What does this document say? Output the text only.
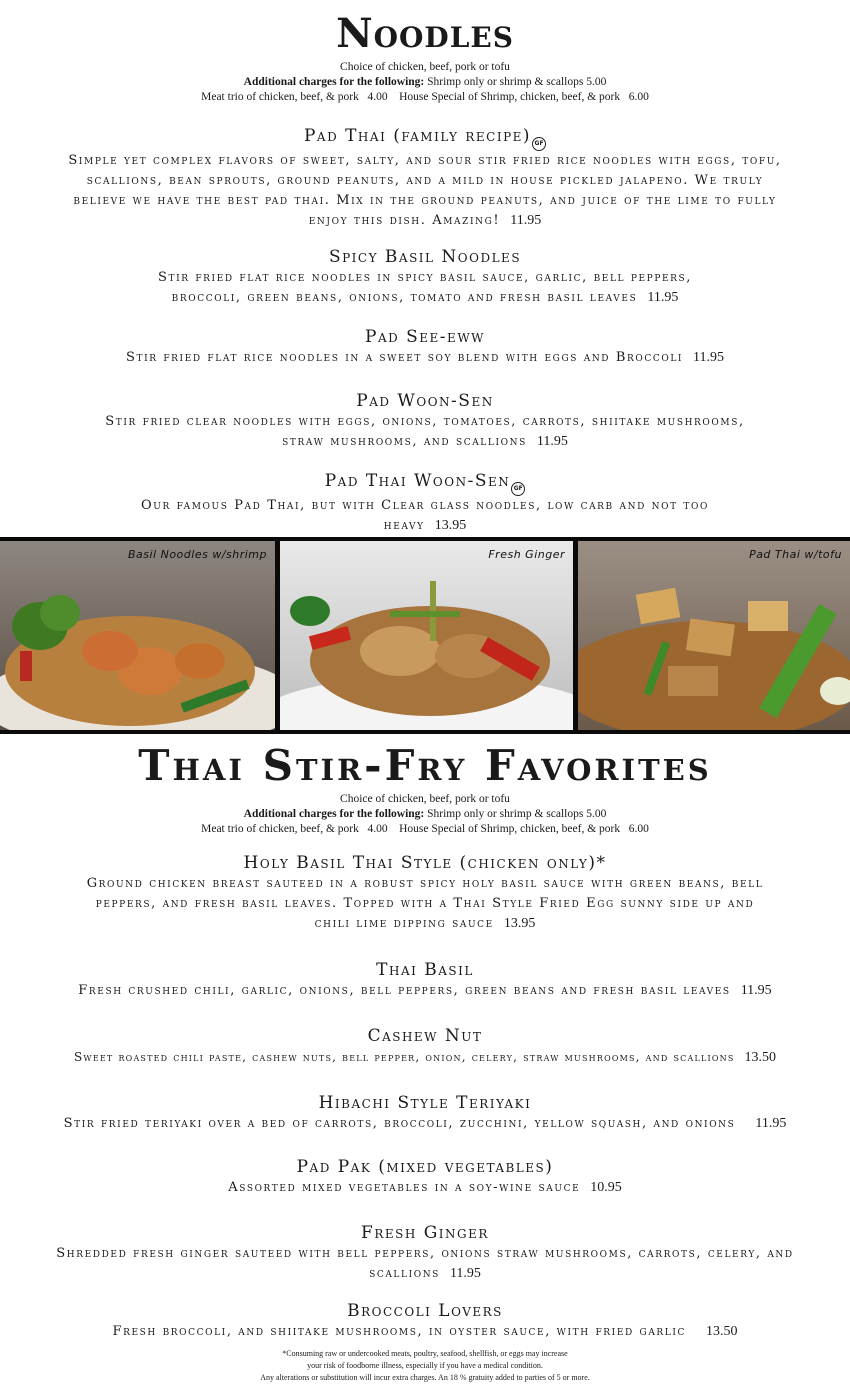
Noodles

Choice of chicken, beef, pork or tofu

Additional charges for the following: Shrimp only or shrimp & scallops 5.00

Meat trio of chicken, beef, & pork   4.00    House Special of Shrimp, chicken, beef, & pork   6.00

Pad Thai (family recipe) GF

Simple yet complex flavors of sweet, salty, and sour stir fried rice noodles with eggs, tofu, scallions, bean sprouts, ground peanuts, and a mild in house pickled jalapeno. We truly believe we have the best pad thai. Mix in the ground peanuts, and juice of the lime to fully enjoy this dish. Amazing! 11.95

Spicy Basil Noodles

Stir fried flat rice noodles in spicy basil sauce, garlic, bell peppers, broccoli, green beans, onions, tomato and fresh basil leaves 11.95

Pad See-eww

Stir fried flat rice noodles in a sweet soy blend with eggs and Broccoli 11.95

Pad Woon-Sen

Stir fried clear noodles with eggs, onions, tomatoes, carrots, shiitake mushrooms, straw mushrooms, and scallions 11.95

Pad Thai Woon-Sen GF

Our famous Pad Thai, but with Clear glass noodles, low carb and not too heavy 13.95

Basil Noodles w/shrimp	Fresh Ginger	Pad Thai w/tofu
Thai Stir-Fry Favorites

Choice of chicken, beef, pork or tofu

Additional charges for the following: Shrimp only or shrimp & scallops 5.00

Meat trio of chicken, beef, & pork   4.00    House Special of Shrimp, chicken, beef, & pork   6.00

Holy Basil Thai Style (chicken only)*

Ground chicken breast sauteed in a robust spicy holy basil sauce with green beans, bell peppers, and fresh basil leaves. Topped with a Thai Style Fried Egg sunny side up and chili lime dipping sauce 13.95

Thai Basil

Fresh crushed chili, garlic, onions, bell peppers, green beans and fresh basil leaves 11.95

Cashew Nut

Sweet roasted chili paste, cashew nuts, bell pepper, onion, celery, straw mushrooms, and scallions 13.50

Hibachi Style Teriyaki

Stir fried teriyaki over a bed of carrots, broccoli, zucchini, yellow squash, and onions 11.95

Pad Pak (mixed vegetables)

Assorted mixed vegetables in a soy-wine sauce 10.95

Fresh Ginger

Shredded fresh ginger sauteed with bell peppers, onions straw mushrooms, carrots, celery, and scallions 11.95

Broccoli Lovers

Fresh broccoli, and shiitake mushrooms, in oyster sauce, with fried garlic 13.50

*Consuming raw or undercooked meats, poultry, seafood, shellfish, or eggs may increase

your risk of foodborne illness, especially if you have a medical condition.

Any alterations or substitution will incur extra charges. An 18 % gratuity added to parties of 5 or more.
